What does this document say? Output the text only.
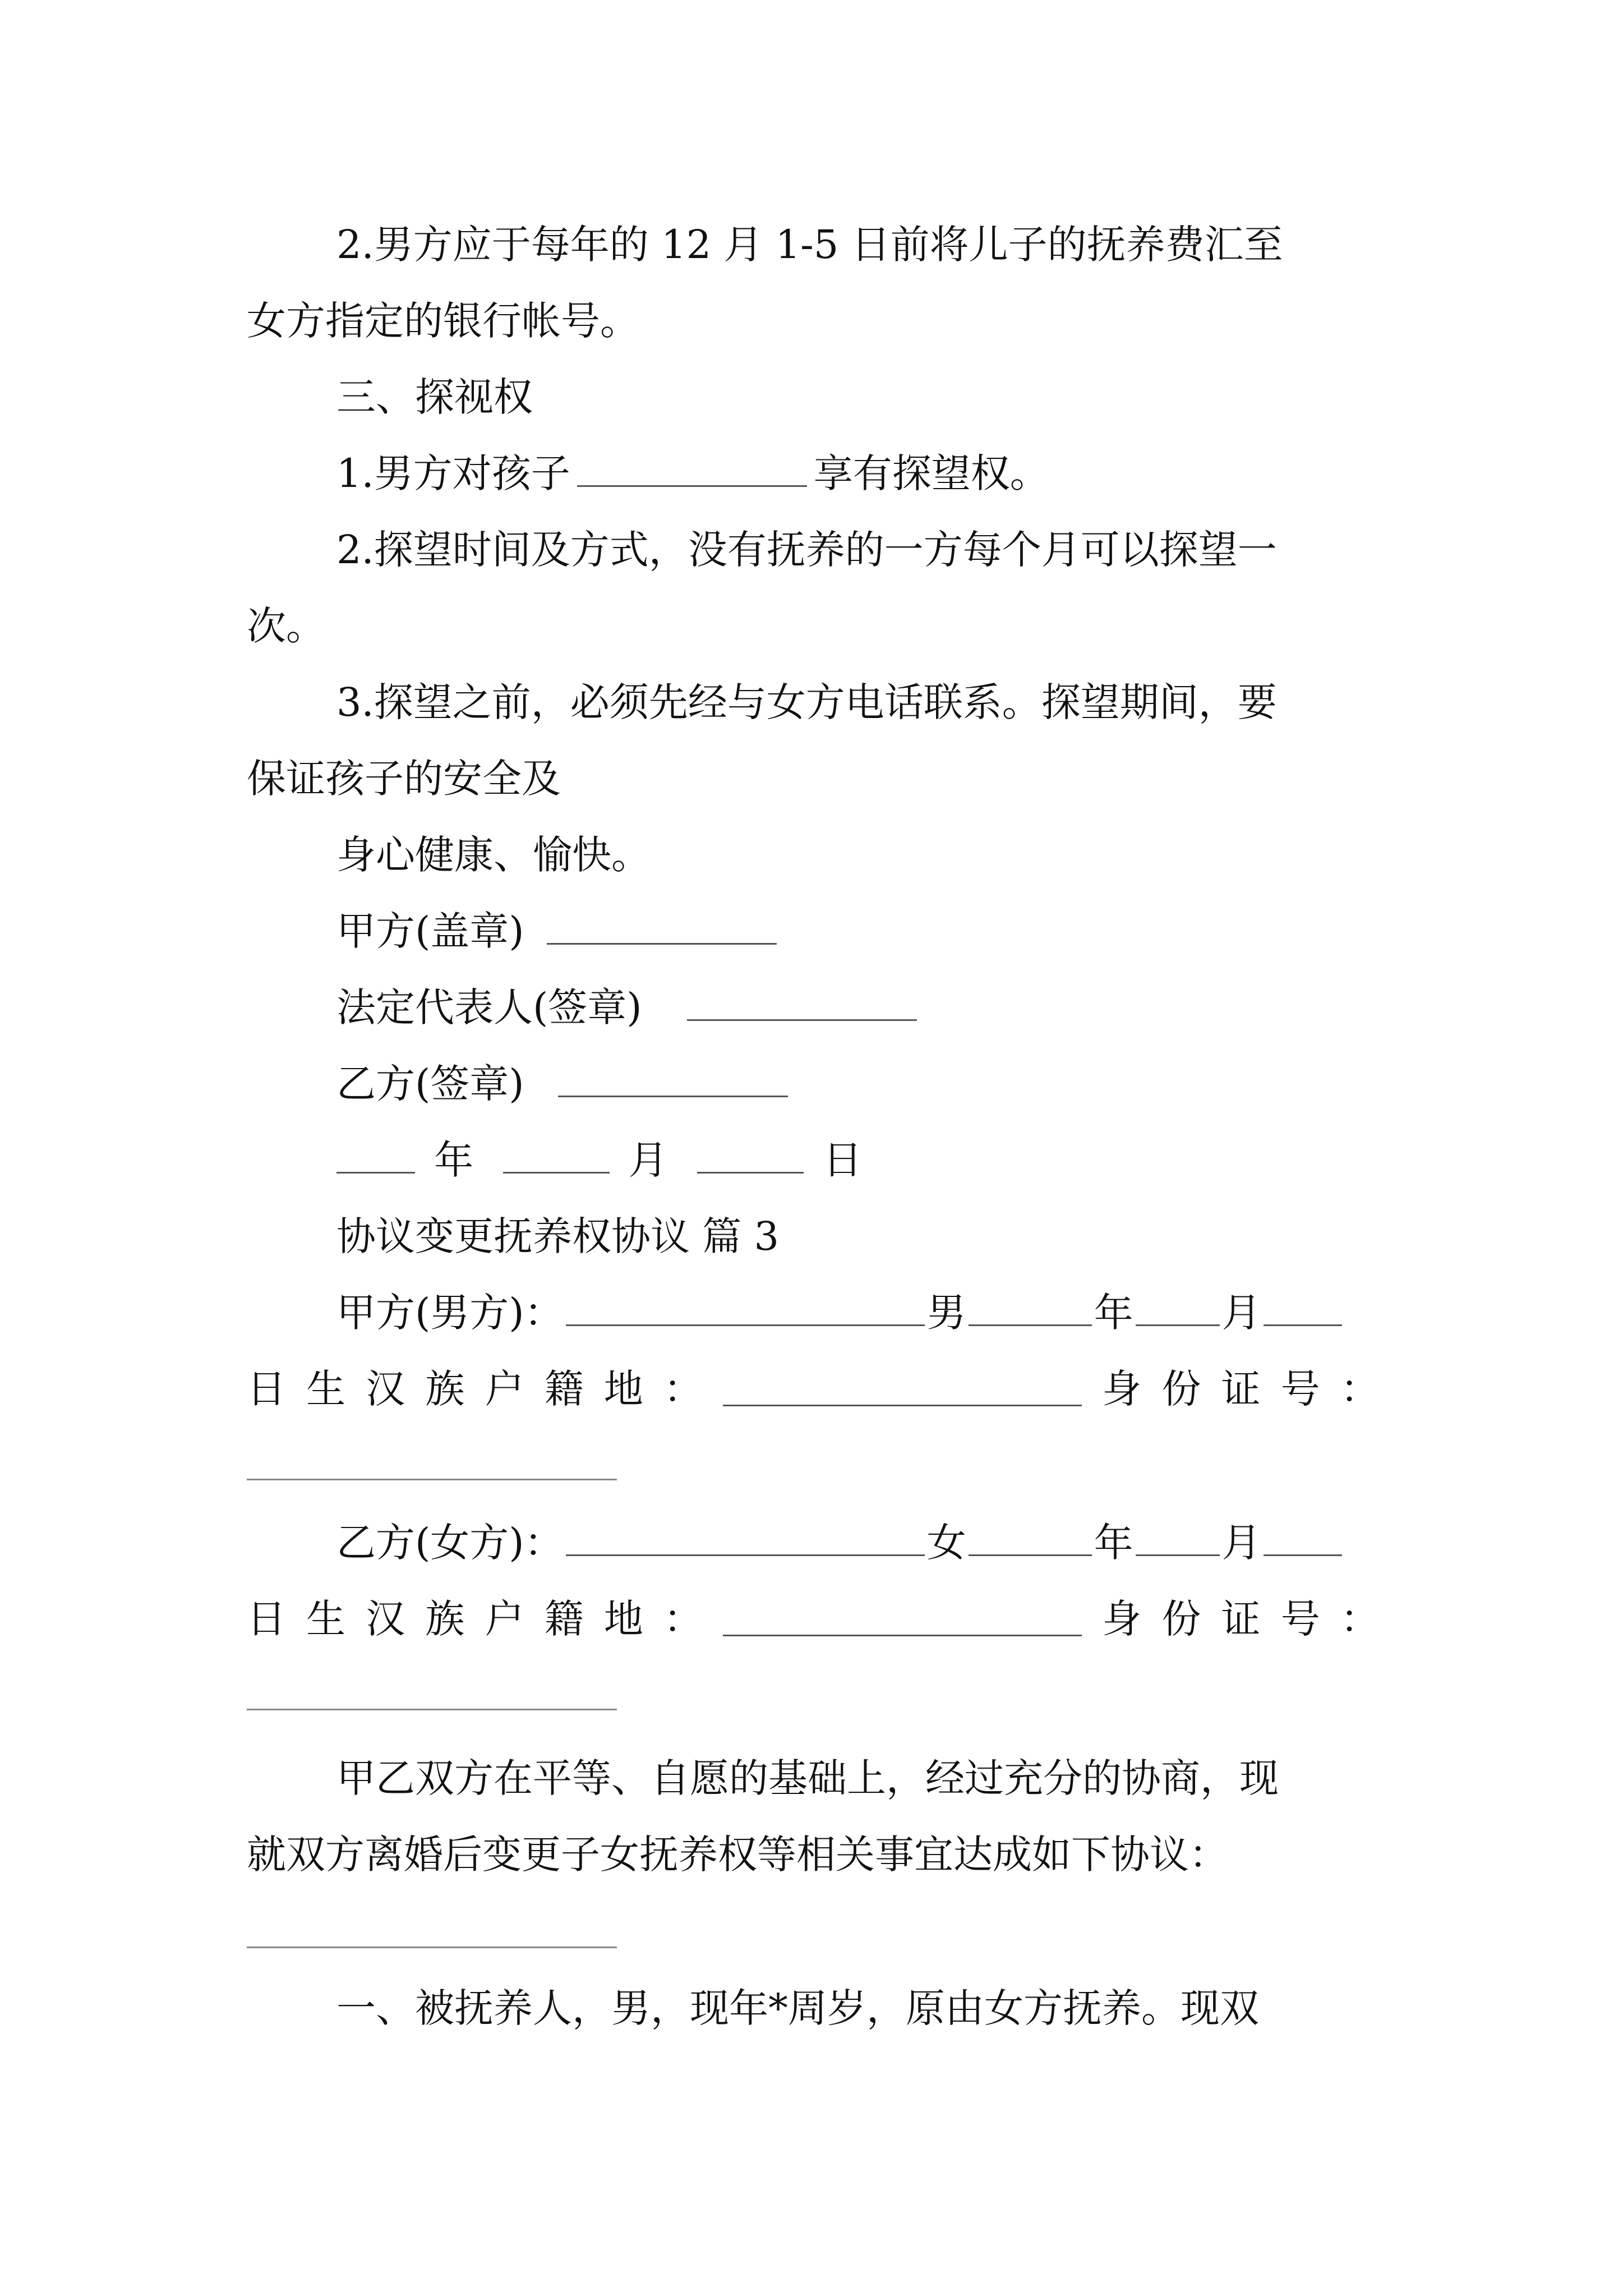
2.男方应于每年的 12 月 1-5 日前将儿子的抚养费汇至
女方指定的银行帐号。
三、探视权
1.男方对孩子	享有探望权。
2.探望时间及方式，没有抚养的一方每个月可以探望一
次。
3.探望之前，必须先经与女方电话联系。探望期间，要
保证孩子的安全及
身心健康、愉快。
甲方(盖章)
法定代表人(签章)
乙方(签章)
年	月	日
协议变更抚养权协议 篇 3
甲方(男方)：	男	年 月
日 生 汉 族 户 籍 地 ：	身 份 证 号 ：
乙方(女方)：	女	年 月
日 生 汉 族 户 籍 地 ：	身 份 证 号 ：
甲乙双方在平等、自愿的基础上，经过充分的协商，现
就双方离婚后变更子女抚养权等相关事宜达成如下协议：
一、被抚养人，男，现年*周岁，原由女方抚养。现双
